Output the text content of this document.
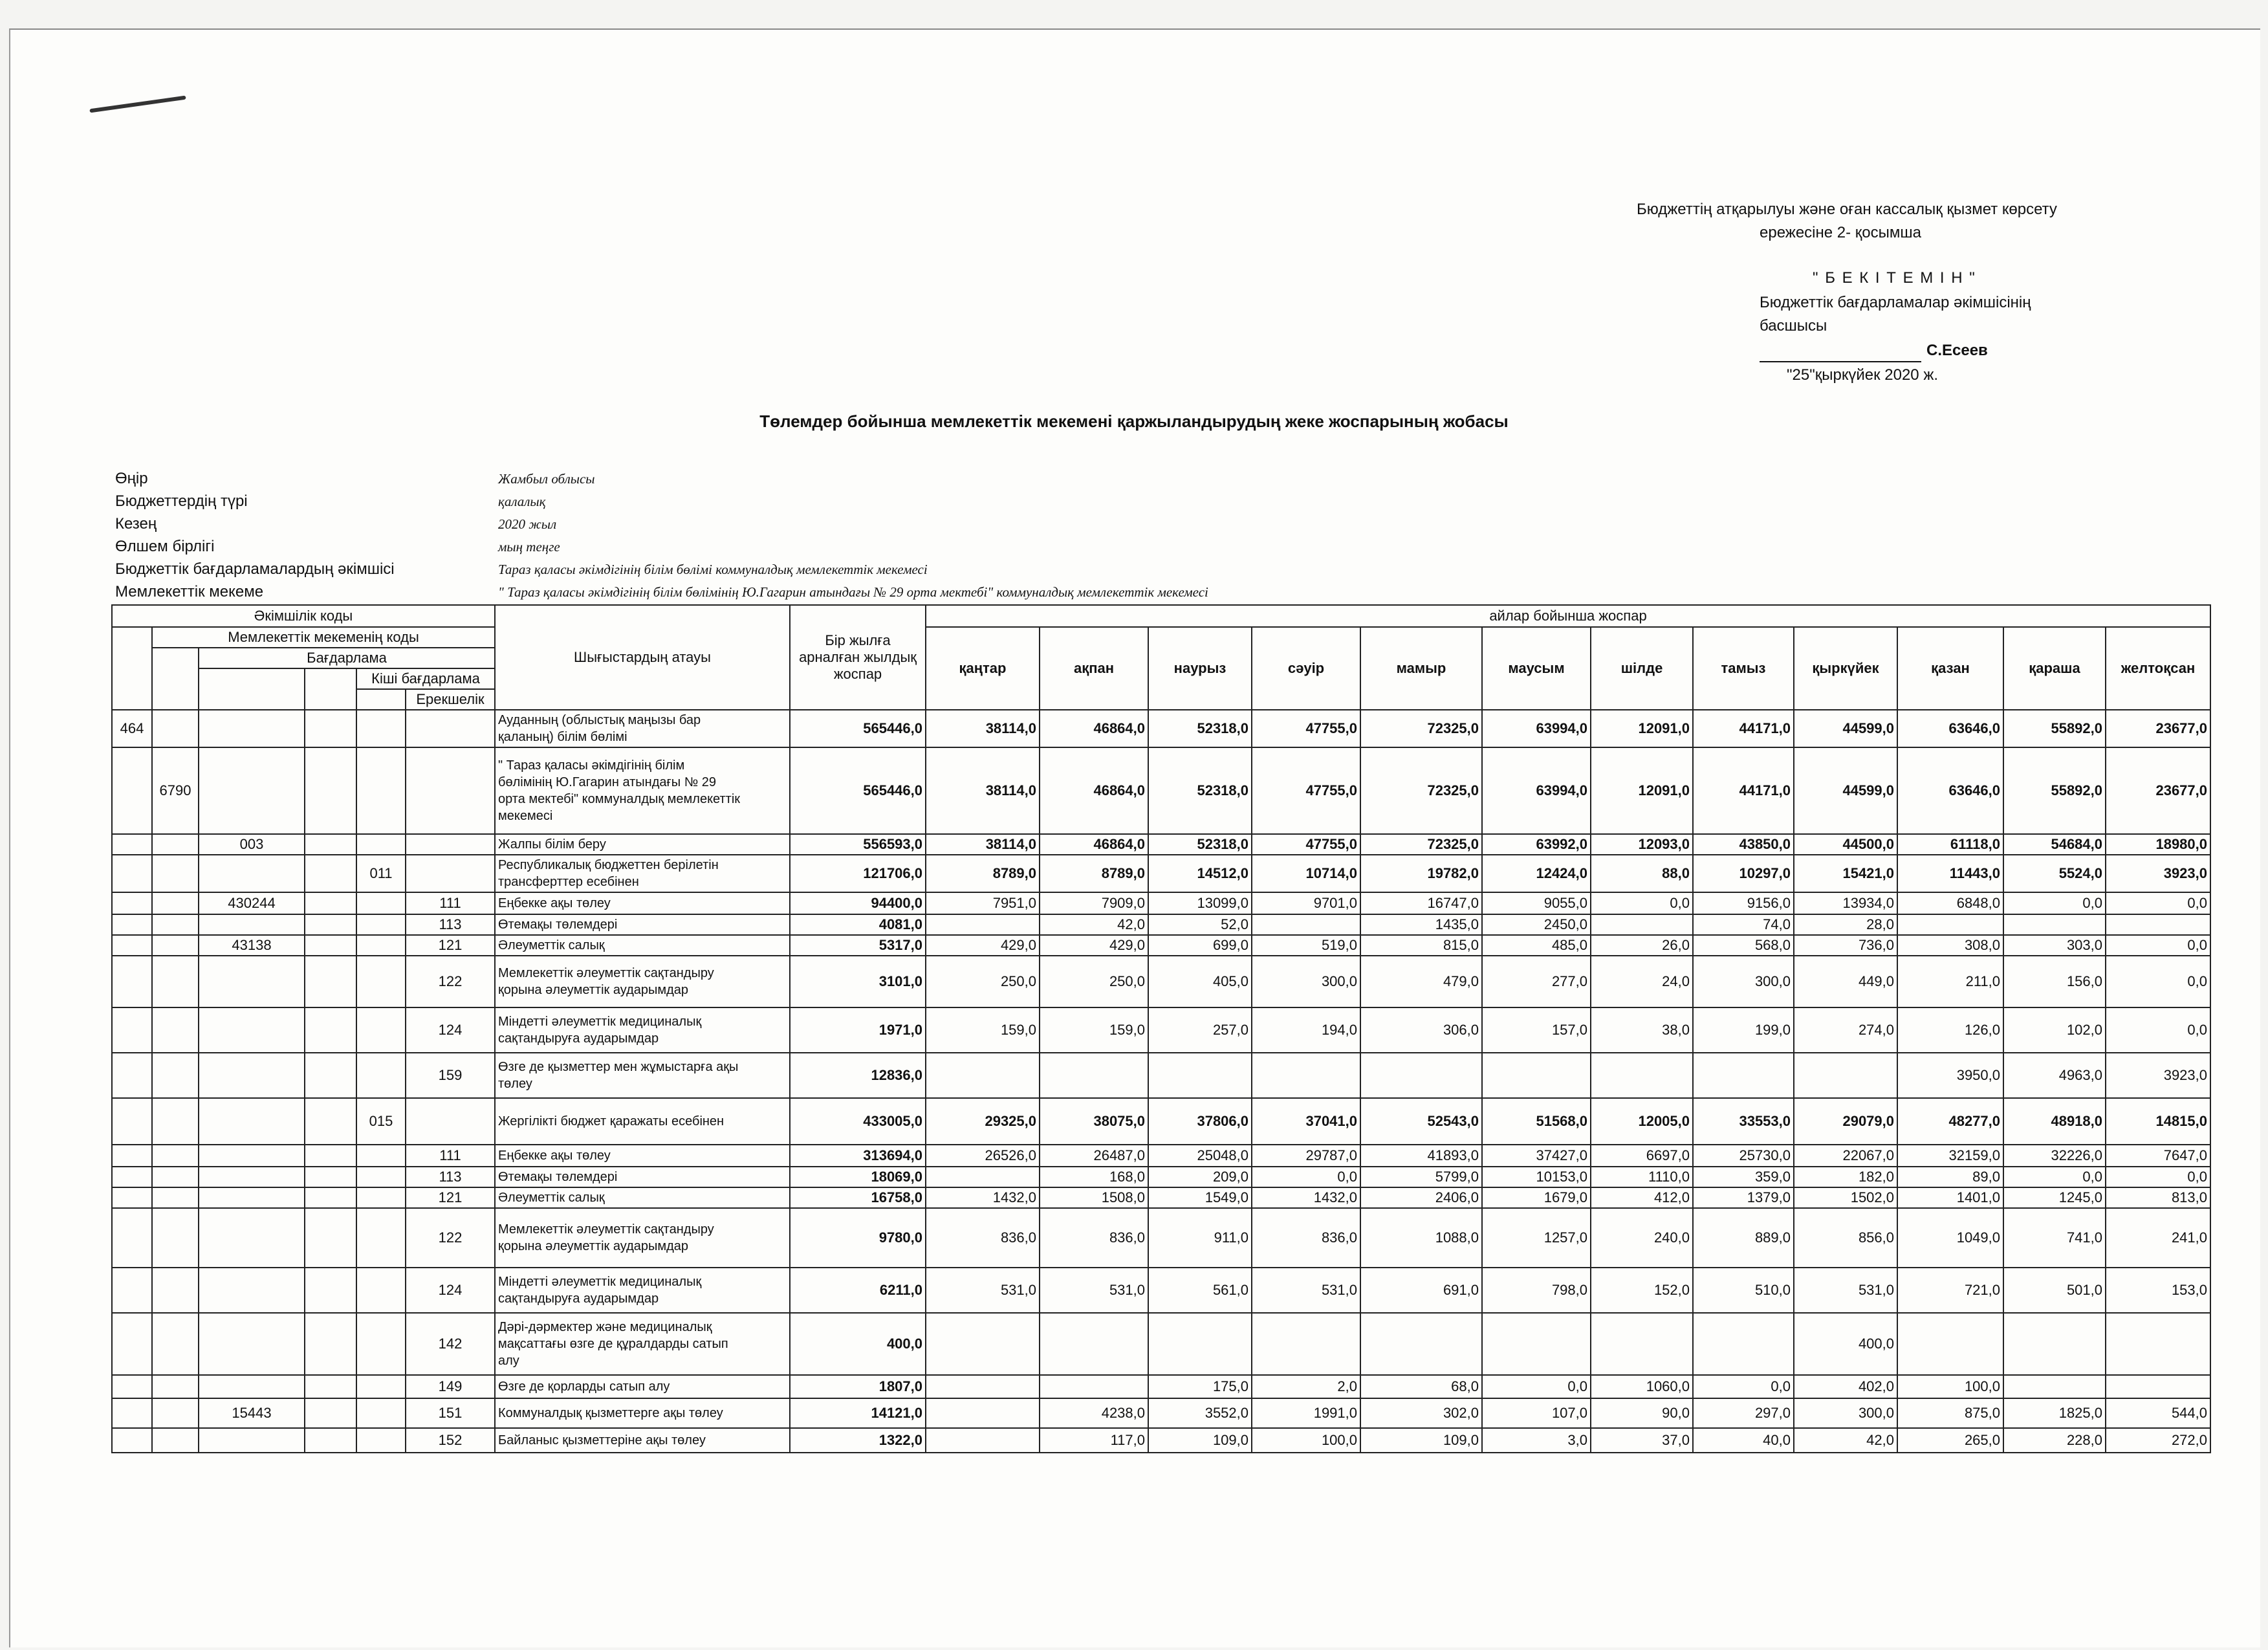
Бюджеттің атқарылуы және оған кассалық қызмет көрсету
ережесіне 2- қосымша
" Б Е К І Т Е М І Н "
Бюджеттік бағдарламалар әкімшісінің
басшысы
С.Есеев
"25"қыркүйек 2020 ж.
Төлемдер бойынша мемлекеттік мекемені қаржыландырудың жеке жоспарының жобасы
Өңір	Жамбыл облысы
Бюджеттердің түрі	қалалық
Кезең	2020 жыл
Өлшем бірлігі	мың теңге
Бюджеттік бағдарламалардың әкімшісі	Тараз қаласы әкімдігінің білім бөлімі коммуналдық мемлекеттік мекемесі
Мемлекеттік мекеме	" Тараз қаласы әкімдігінің білім бөлімінің Ю.Гагарин атындағы № 29 орта мектебі" коммуналдық мемлекеттік мекемесі
Әкімшілік коды						Шығыстардың атауы	Бір жылға арналған жылдық жоспар	айлар бойынша жоспар											
	Мемлекеттік мекеменің коды							қаңтар	ақпан	наурыз	сәуір	мамыр	маусым	шілде	тамыз	қыркүйек	қазан	қараша	желтоқсан
		Бағдарлама																	
				Кіші бағдарлама															
					Ерекшелік														
464						Ауданның (облыстық маңызы бар
қаланың) білім бөлімі	565446,0	38114,0	46864,0	52318,0	47755,0	72325,0	63994,0	12091,0	44171,0	44599,0	63646,0	55892,0	23677,0
	6790					" Тараз қаласы әкімдігінің білім
бөлімінің Ю.Гагарин атындағы № 29
орта мектебі" коммуналдық мемлекеттік
мекемесі	565446,0	38114,0	46864,0	52318,0	47755,0	72325,0	63994,0	12091,0	44171,0	44599,0	63646,0	55892,0	23677,0
		003				Жалпы білім беру	556593,0	38114,0	46864,0	52318,0	47755,0	72325,0	63992,0	12093,0	43850,0	44500,0	61118,0	54684,0	18980,0
				011		Республикалық бюджеттен берілетін
трансферттер есебінен	121706,0	8789,0	8789,0	14512,0	10714,0	19782,0	12424,0	88,0	10297,0	15421,0	11443,0	5524,0	3923,0
		430244			111	Еңбекке ақы төлеу	94400,0	7951,0	7909,0	13099,0	9701,0	16747,0	9055,0	0,0	9156,0	13934,0	6848,0	0,0	0,0
					113	Өтемақы төлемдері	4081,0		42,0	52,0		1435,0	2450,0		74,0	28,0			
		43138			121	Әлеуметтік салық	5317,0	429,0	429,0	699,0	519,0	815,0	485,0	26,0	568,0	736,0	308,0	303,0	0,0
					122	Мемлекеттік әлеуметтік сақтандыру
қорына әлеуметтік аударымдар	3101,0	250,0	250,0	405,0	300,0	479,0	277,0	24,0	300,0	449,0	211,0	156,0	0,0
					124	Міндетті әлеуметтік медициналық
сақтандыруға аударымдар	1971,0	159,0	159,0	257,0	194,0	306,0	157,0	38,0	199,0	274,0	126,0	102,0	0,0
					159	Өзге де қызметтер мен жұмыстарға ақы
төлеу	12836,0										3950,0	4963,0	3923,0
				015		Жергілікті бюджет қаражаты есебінен	433005,0	29325,0	38075,0	37806,0	37041,0	52543,0	51568,0	12005,0	33553,0	29079,0	48277,0	48918,0	14815,0
					111	Еңбекке ақы төлеу	313694,0	26526,0	26487,0	25048,0	29787,0	41893,0	37427,0	6697,0	25730,0	22067,0	32159,0	32226,0	7647,0
					113	Өтемақы төлемдері	18069,0		168,0	209,0	0,0	5799,0	10153,0	1110,0	359,0	182,0	89,0	0,0	0,0
					121	Әлеуметтік салық	16758,0	1432,0	1508,0	1549,0	1432,0	2406,0	1679,0	412,0	1379,0	1502,0	1401,0	1245,0	813,0
					122	Мемлекеттік әлеуметтік сақтандыру
қорына әлеуметтік аударымдар	9780,0	836,0	836,0	911,0	836,0	1088,0	1257,0	240,0	889,0	856,0	1049,0	741,0	241,0
					124	Міндетті әлеуметтік медициналық
сақтандыруға аударымдар	6211,0	531,0	531,0	561,0	531,0	691,0	798,0	152,0	510,0	531,0	721,0	501,0	153,0
					142	Дәрі-дәрмектер және медициналық
мақсаттағы өзге де құралдарды сатып
алу	400,0									400,0			
					149	Өзге де қорларды сатып алу	1807,0			175,0	2,0	68,0	0,0	1060,0	0,0	402,0	100,0		
		15443			151	Коммуналдық қызметтерге ақы төлеу	14121,0		4238,0	3552,0	1991,0	302,0	107,0	90,0	297,0	300,0	875,0	1825,0	544,0
					152	Байланыс қызметтеріне ақы төлеу	1322,0		117,0	109,0	100,0	109,0	3,0	37,0	40,0	42,0	265,0	228,0	272,0
